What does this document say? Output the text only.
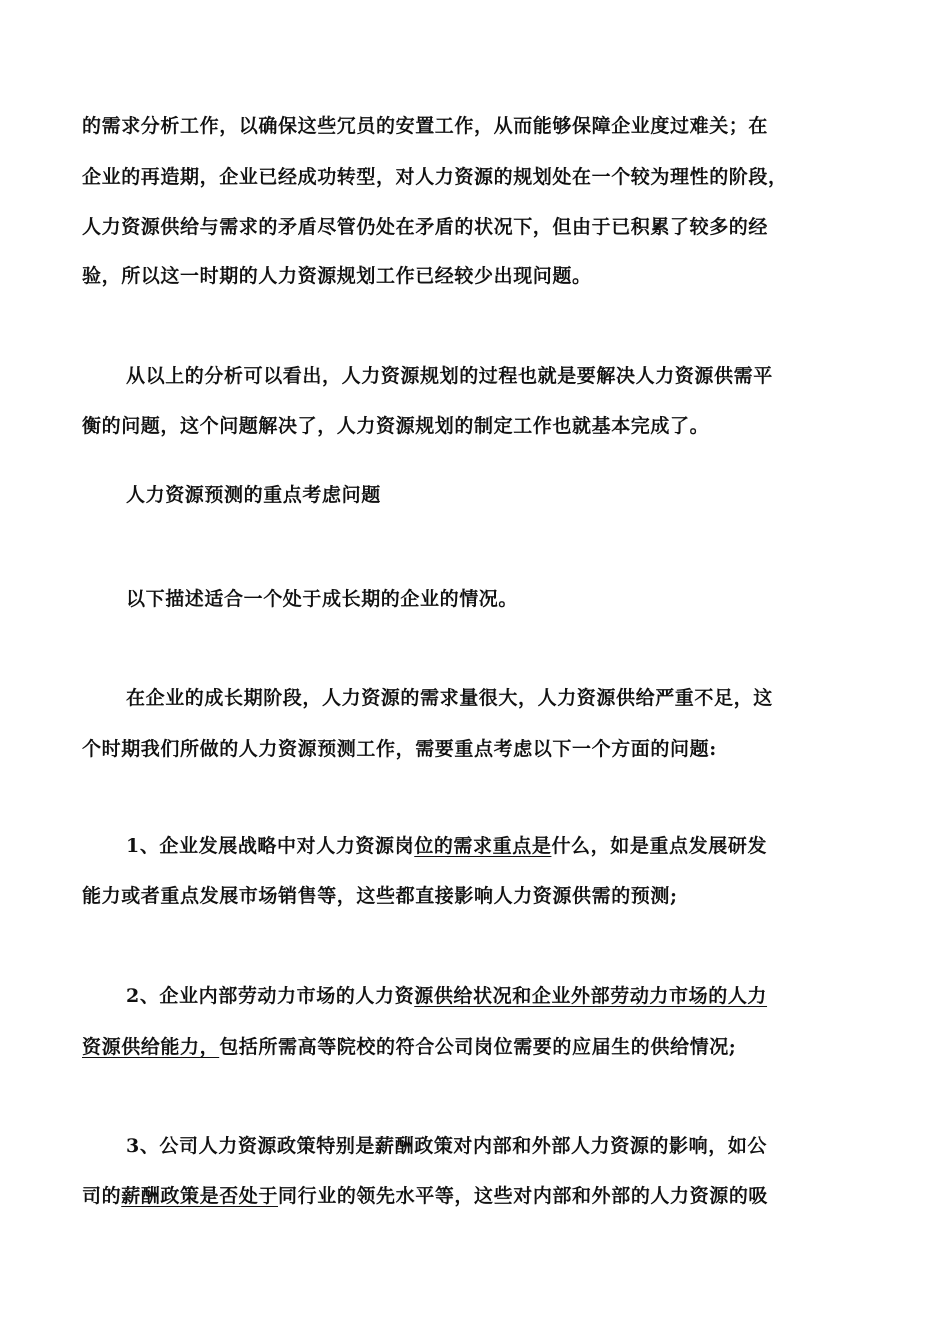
的需求分析工作，以确保这些冗员的安置工作，从而能够保障企业度过难关；在
企业的再造期，企业已经成功转型，对人力资源的规划处在一个较为理性的阶段，
人力资源供给与需求的矛盾尽管仍处在矛盾的状况下，但由于已积累了较多的经
验，所以这一时期的人力资源规划工作已经较少出现问题。
从以上的分析可以看出，人力资源规划的过程也就是要解决人力资源供需平
衡的问题，这个问题解决了，人力资源规划的制定工作也就基本完成了。
人力资源预测的重点考虑问题
以下描述适合一个处于成长期的企业的情况。
在企业的成长期阶段，人力资源的需求量很大，人力资源供给严重不足，这
个时期我们所做的人力资源预测工作，需要重点考虑以下一个方面的问题:
1、企业发展战略中对人力资源岗位的需求重点是什么，如是重点发展研发
能力或者重点发展市场销售等，这些都直接影响人力资源供需的预测;
2、企业内部劳动力市场的人力资源供给状况和企业外部劳动力市场的人力
资源供给能力，包括所需高等院校的符合公司岗位需要的应届生的供给情况;
3、公司人力资源政策特别是薪酬政策对内部和外部人力资源的影响，如公
司的薪酬政策是否处于同行业的领先水平等，这些对内部和外部的人力资源的吸
